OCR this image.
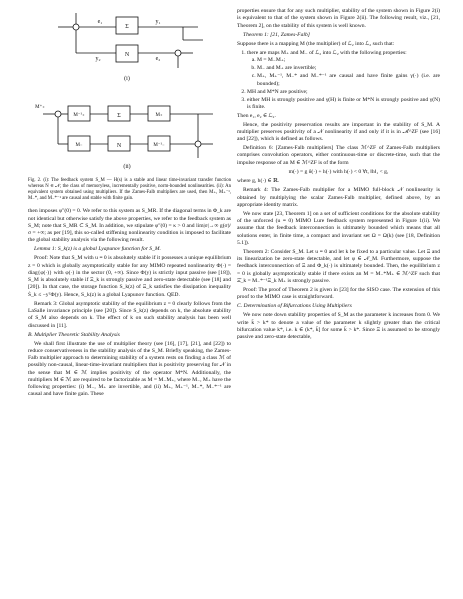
e₁
Σ
y₁
N
y₂	e₂
(i)
M⁻¹₊	Σ	M₊
M₋	N	M⁻¹₋
M⁺₊
(ii)
Fig. 2. (i): The feedback system S_M — H(s) is a stable and linear time-invariant transfer function whereas N ∈ 𝒩, the class of memoryless, incrementally positive, norm-bounded nonlinearities. (ii): An equivalent system obtained using multipliers. If the Zames-Falb multipliers are used, then M₊, M₊⁻¹, M₋*, and M₋*⁻¹ are causal and stable with finite gain.

then imposes φ″(0) = 0. We refer to this system as S_MR. If the diagonal terms in Φ_k are not identical but otherwise satisfy the above properties, we refer to the feedback system as S_M; note that S_MR ⊂ S_M. In addition, we stipulate φ″(0) = κ > 0 and lim|σ|→∞ g(σ)/σ = +∞; as per [19], this so-called stiffening nonlinearity condition is imposed to facilitate the global stability analysis via the following result.

Lemma 1: S_k(z) is a global Lyapunov function for S_M.

Proof: Note that S_M with u ≡ 0 is absolutely stable if it possesses a unique equilibrium z = 0 which is globally asymptotically stable for any MIMO repeated nonlinearity Φ(·) = diag{φ(·)} with φ(·) in the sector (0, +∞). Since Φ(y) is strictly input passive (see [18]), S_M is absolutely stable if Ξ_k is strongly passive and zero-state detectable (see [18] and [20]). In that case, the storage function S_k(z) of Ξ_k satisfies the dissipation inequality Ṡ_k ≤ −yᵀΦ(y). Hence, S_k(z) is a global Lyapunov function. QED.

Remark 3: Global asymptotic stability of the equilibrium z = 0 clearly follows from the LaSalle invariance principle (see [20]). Since S_k(z) depends on k, the absolute stability of S_M also depends on k. The effect of k on such stability analysis has been well discussed in [11].

B. Multiplier Theoretic Stability Analysis

We shall first illustrate the use of multiplier theory (see [16], [17], [21], and [22]) to reduce conservativeness in the stability analysis of the S_M. Briefly speaking, the Zames-Falb multiplier approach to determining stability of a system rests on finding a class ℳ of possibly non-causal, linear-time-invariant multipliers that is positivity preserving for 𝒩 in the sense that M ∈ ℳ implies positivity of the operator M*N. Additionally, the multipliers M ∈ ℳ are required to be factorizable as M = M₋M₊, where M₋, M₊ have the following properties: (i) M₋, M₊ are invertible, and (ii) M₊, M₊⁻¹, M₋*, M₋*⁻¹ are causal and have finite gain. These

properties ensure that for any such multiplier, stability of the system shown in Figure 2(i) is equivalent to that of the system shown in Figure 2(ii). The following result, viz., [21, Theorem 2], on the stability of this system is well known.

Theorem 1: [21, Zames-Falb]

Suppose there is a mapping M (the multiplier) of ℒ₂ into ℒ₂ such that:

1. there are maps M₊ and M₋ of ℒ₂ into ℒ₂ with the following properties:
a. M = M₋M₊;
b. M₋ and M₊ are invertible;
c. M₊, M₊⁻¹, M₋* and M₋*⁻¹ are causal and have finite gains γ(·) (i.e. are bounded);
2. MH and M*N are positive;
3. either MH is strongly positive and γ(H) is finite or M*N is strongly positive and γ(N) is finite.

Then e₁, e₂ ∈ ℒ₂.

Hence, the positivity preservation results are important in the stability of S_M. A multiplier preserves positivity of a 𝒩 nonlinearity if and only if it is in ℳ^ZF (see [16] and [22]), which is defined as follows.

Definition 6: [Zames-Falb multipliers] The class ℳ^ZF of Zames-Falb multipliers comprises convolution operators, either continuous-time or discrete-time, such that the impulse response of an M ∈ ℳ^ZF is of the form

m(·) = g δ(·) + h(·) with h(·) < 0 ∀t, ‖h‖₁ < g,

where g, h(·) ∈ ℝ.

Remark 4: The Zames-Falb multiplier for a MIMO full-block 𝒩 nonlinearity is obtained by multiplying the scalar Zames-Falb multiplier, defined above, by an appropriate identity matrix.

We now state [23, Theorem 1] on a set of sufficient conditions for the absolute stability of the unforced (u ≡ 0) MIMO Lure feedback system represented in Figure 1(ii). We assume that the feedback interconnection is ultimately bounded which means that all solutions enter, in finite time, a compact and invariant set Ω = Ω(k) (see [18, Definition 5.1]).

Theorem 2: Consider S_M. Let u ≡ 0 and let k be fixed to a particular value. Let Ξ and its linearization be zero-state detectable, and let φ ∈ 𝒩_M. Furthermore, suppose the feedback interconnection of Ξ and Φ_k(·) is ultimately bounded. Then, the equilibrium z = 0 is globally asymptotically stable if there exists an M = M₋*M₊ ∈ ℳ^ZF such that Ξ̂_k = M₋*⁻¹Ξ_k M₊ is strongly passive.

Proof: The proof of Theorem 2 is given in [23] for the SISO case. The extension of this proof to the MIMO case is straightforward.

C. Determination of Bifurcations Using Multipliers

We now note down stability properties of S_M as the parameter k increases from 0. We write k̄ > k* to denote a value of the parameter k slightly greater than the critical bifurcation value k*, i.e. k ∈ (k*, k̄] for some k̄ > k*. Since Ξ is assumed to be strongly passive and zero-state detectable,
